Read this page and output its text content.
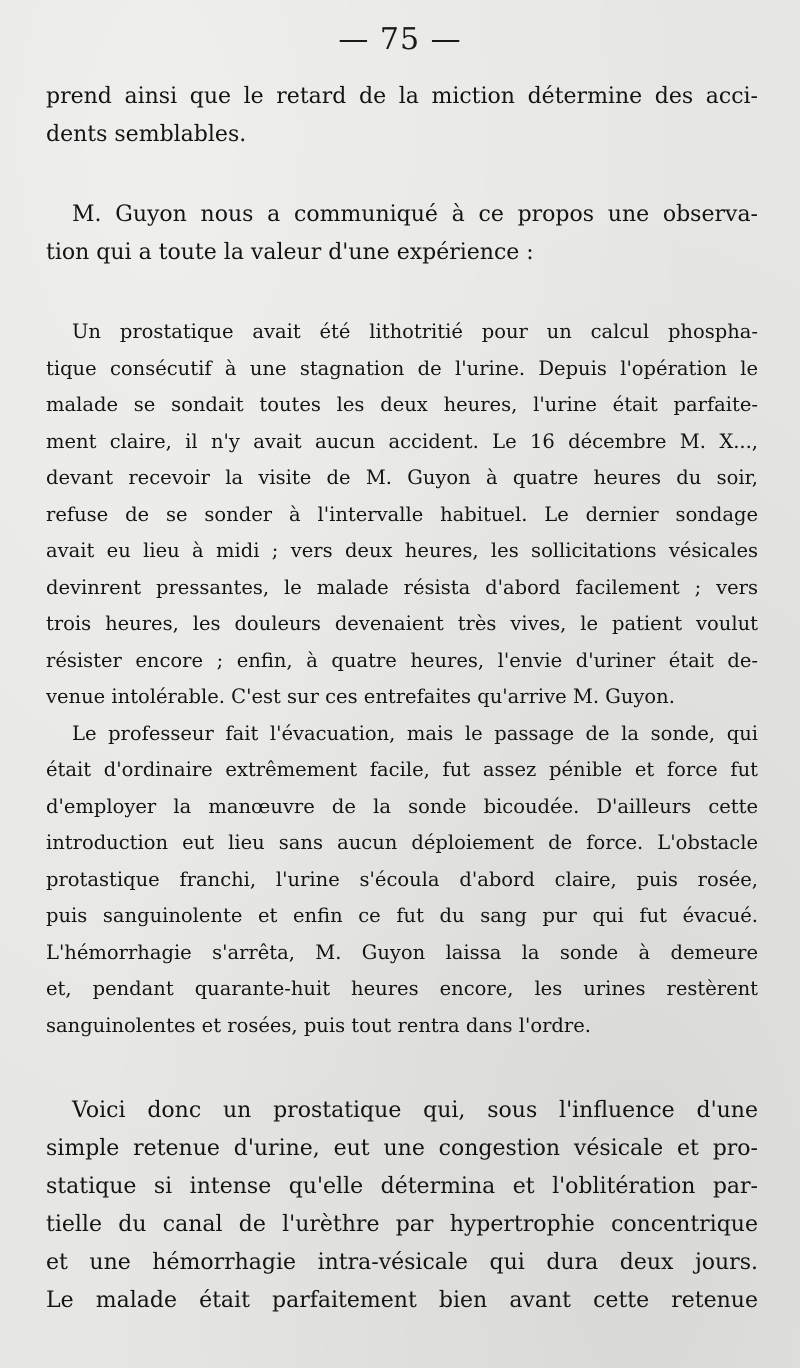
— 75 —
prend ainsi que le retard de la miction détermine des acci-
dents semblables.
M. Guyon nous a communiqué à ce propos une observa-
tion qui a toute la valeur d'une expérience :
Un prostatique avait été lithotritié pour un calcul phospha-
tique consécutif à une stagnation de l'urine. Depuis l'opération le
malade se sondait toutes les deux heures, l'urine était parfaite-
ment claire, il n'y avait aucun accident. Le 16 décembre M. X...,
devant recevoir la visite de M. Guyon à quatre heures du soir,
refuse de se sonder à l'intervalle habituel. Le dernier sondage
avait eu lieu à midi ; vers deux heures, les sollicitations vésicales
devinrent pressantes, le malade résista d'abord facilement ; vers
trois heures, les douleurs devenaient très vives, le patient voulut
résister encore ; enfin, à quatre heures, l'envie d'uriner était de-
venue intolérable. C'est sur ces entrefaites qu'arrive M. Guyon.
Le professeur fait l'évacuation, mais le passage de la sonde, qui
était d'ordinaire extrêmement facile, fut assez pénible et force fut
d'employer la manœuvre de la sonde bicoudée. D'ailleurs cette
introduction eut lieu sans aucun déploiement de force. L'obstacle
protastique franchi, l'urine s'écoula d'abord claire, puis rosée,
puis sanguinolente et enfin ce fut du sang pur qui fut évacué.
L'hémorrhagie s'arrêta, M. Guyon laissa la sonde à demeure
et, pendant quarante-huit heures encore, les urines restèrent
sanguinolentes et rosées, puis tout rentra dans l'ordre.
Voici donc un prostatique qui, sous l'influence d'une
simple retenue d'urine, eut une congestion vésicale et pro-
statique si intense qu'elle détermina et l'oblitération par-
tielle du canal de l'urèthre par hypertrophie concentrique
et une hémorrhagie intra-vésicale qui dura deux jours.
Le malade était parfaitement bien avant cette retenue
